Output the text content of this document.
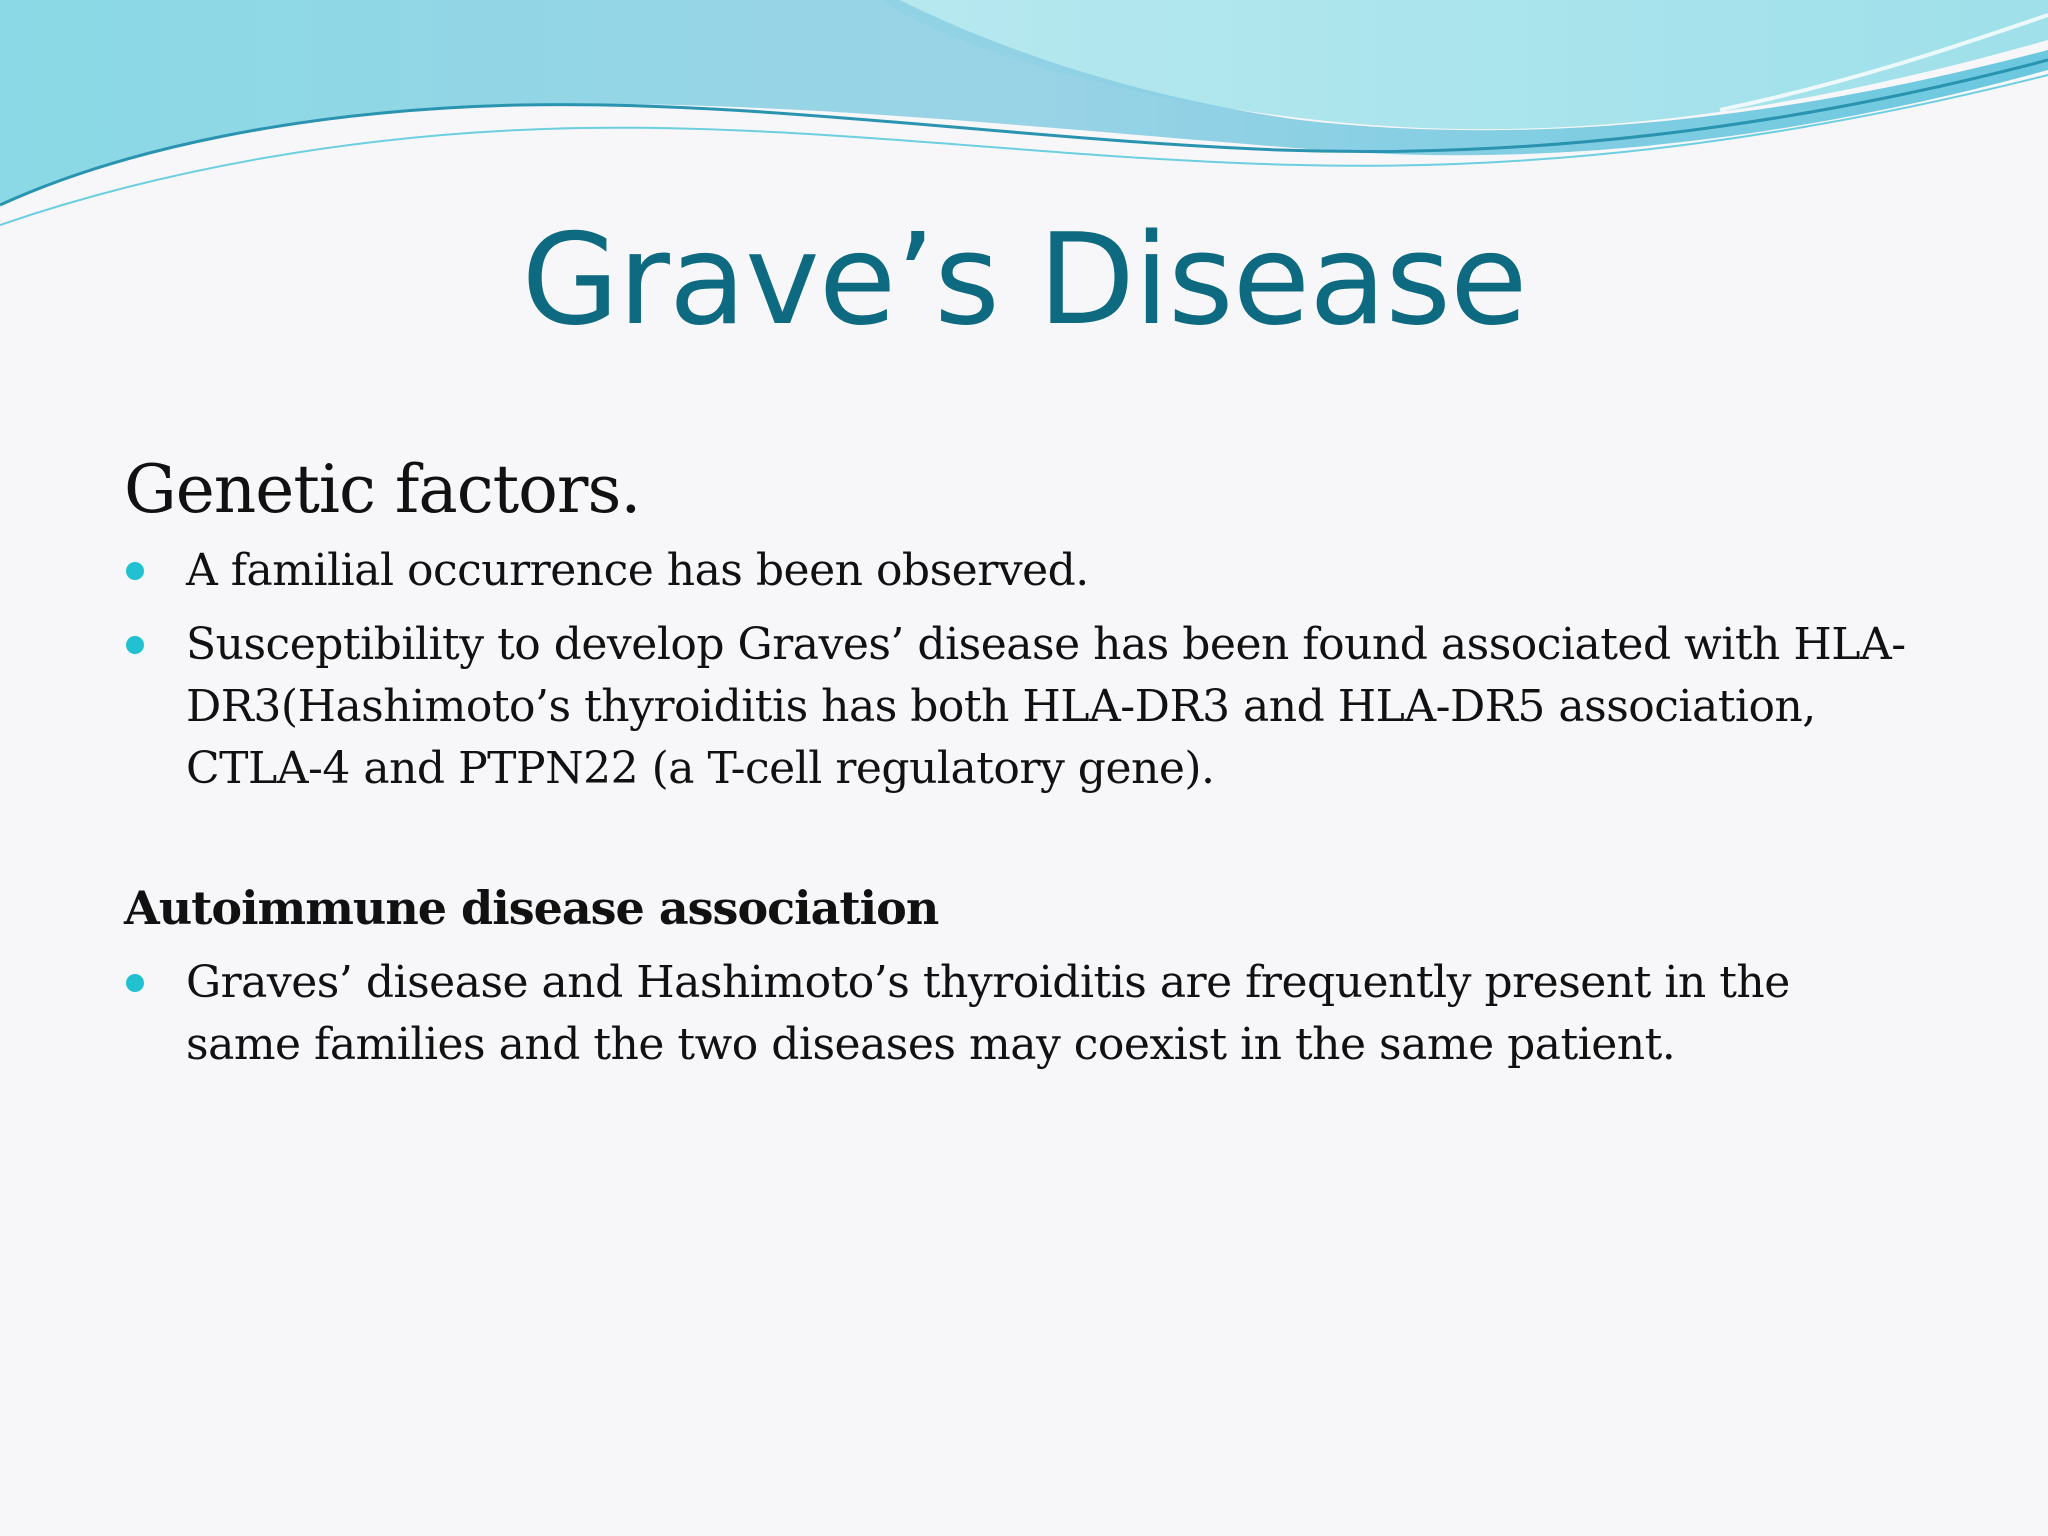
Grave’s Disease
Genetic factors.
A familial occurrence has been observed.
Susceptibility to develop Graves’ disease has been found associated with HLA-DR3(Hashimoto’s thyroiditis has both HLA-DR3 and HLA-DR5 association, CTLA-4 and PTPN22 (a T-cell regulatory gene).
Autoimmune disease association
Graves’ disease and Hashimoto’s thyroiditis are frequently present in the same families and the two diseases may coexist in the same patient.
